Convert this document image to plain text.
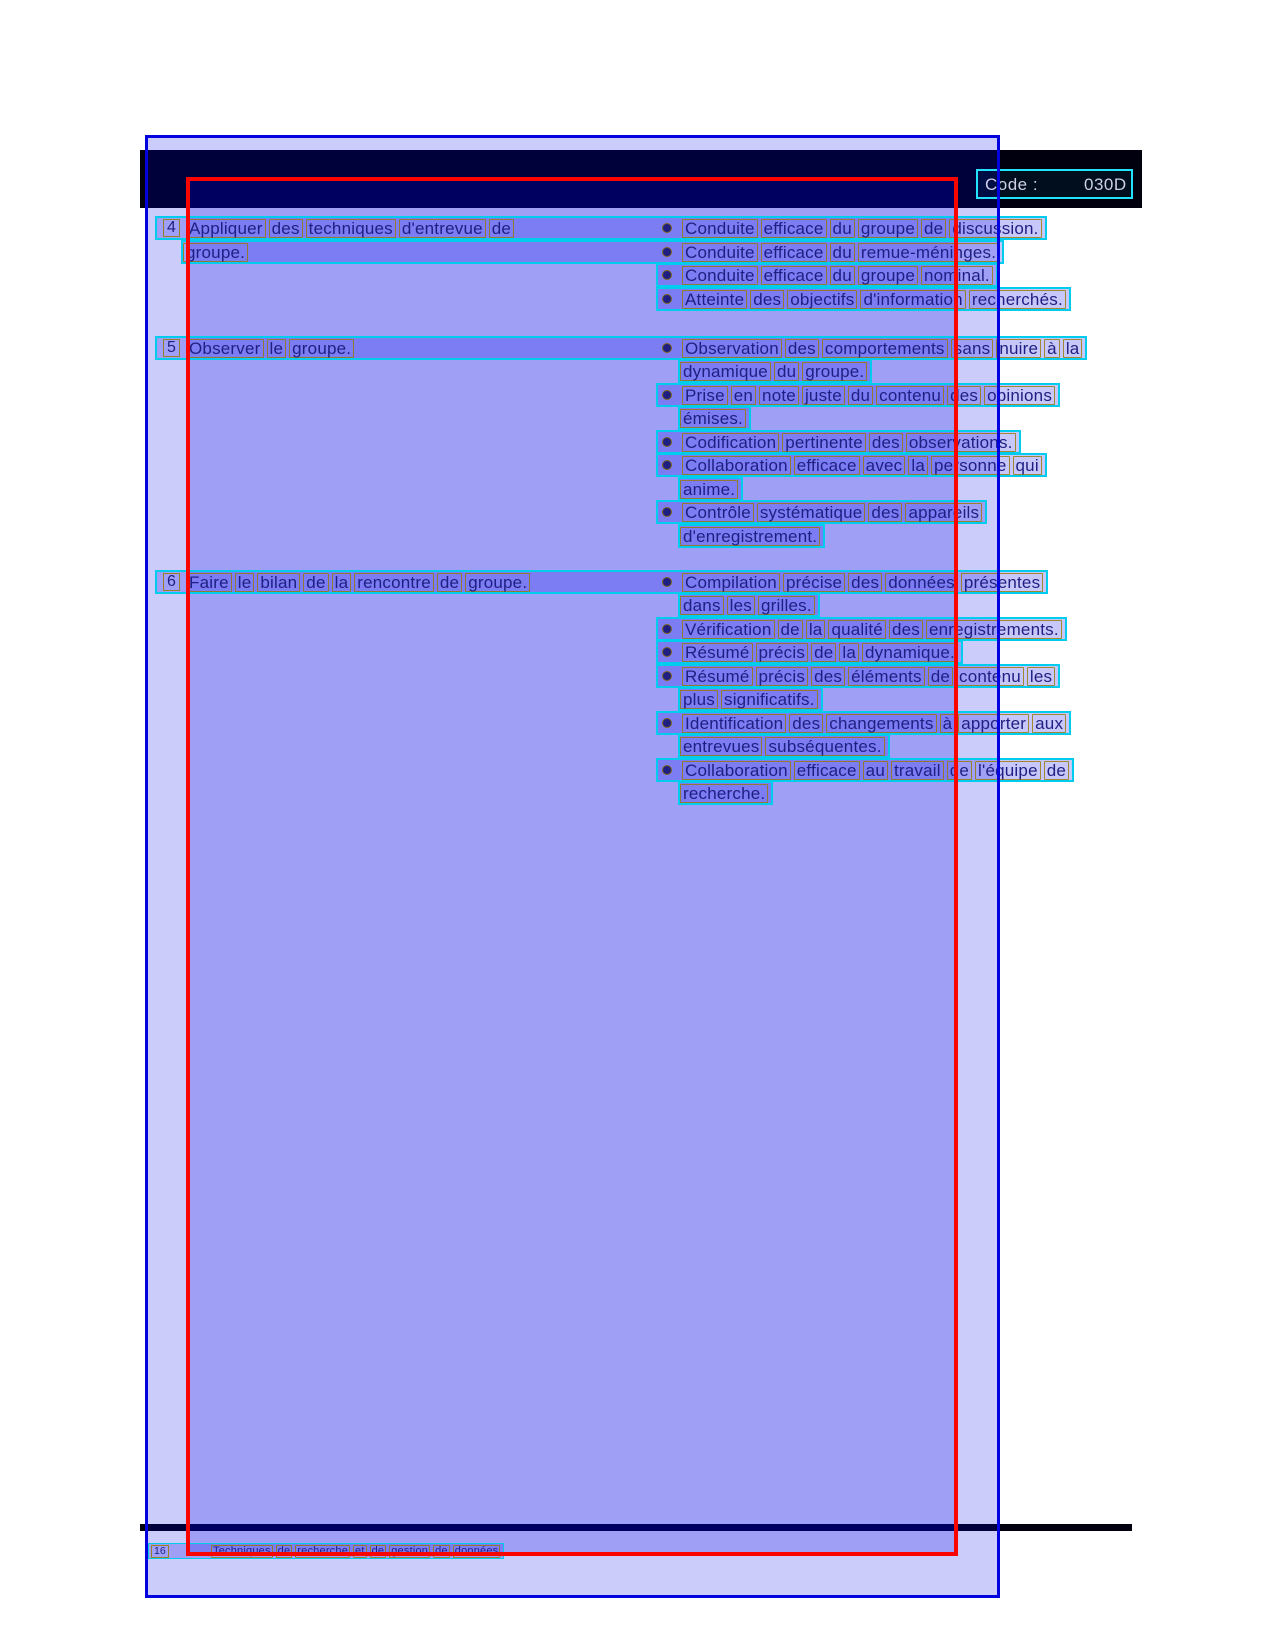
Code :	030D
4 Appliquer des techniques d'entrevue de	Conduite efficace du groupe de discussion.
groupe.	Conduite efficace du remue-méninges.
Conduite efficace du groupe nominal.
Atteinte des objectifs d'information recherchés.
5 Observer le groupe.	Observation des comportements sans nuire à la
dynamique du groupe.
Prise en note juste du contenu des opinions
émises.
Codification pertinente des observations.
Collaboration efficace avec la personne qui
anime.
Contrôle systématique des appareils
d'enregistrement.
6 Faire le bilan de la rencontre de groupe.	Compilation précise des données présentes
dans les grilles.
Vérification de la qualité des enregistrements.
Résumé précis de la dynamique.
Résumé précis des éléments de contenu les
plus significatifs.
Identification des changements à apporter aux
entrevues subséquentes.
Collaboration efficace au travail de l'équipe de
recherche.
16	Techniques de recherche et de gestion de données
